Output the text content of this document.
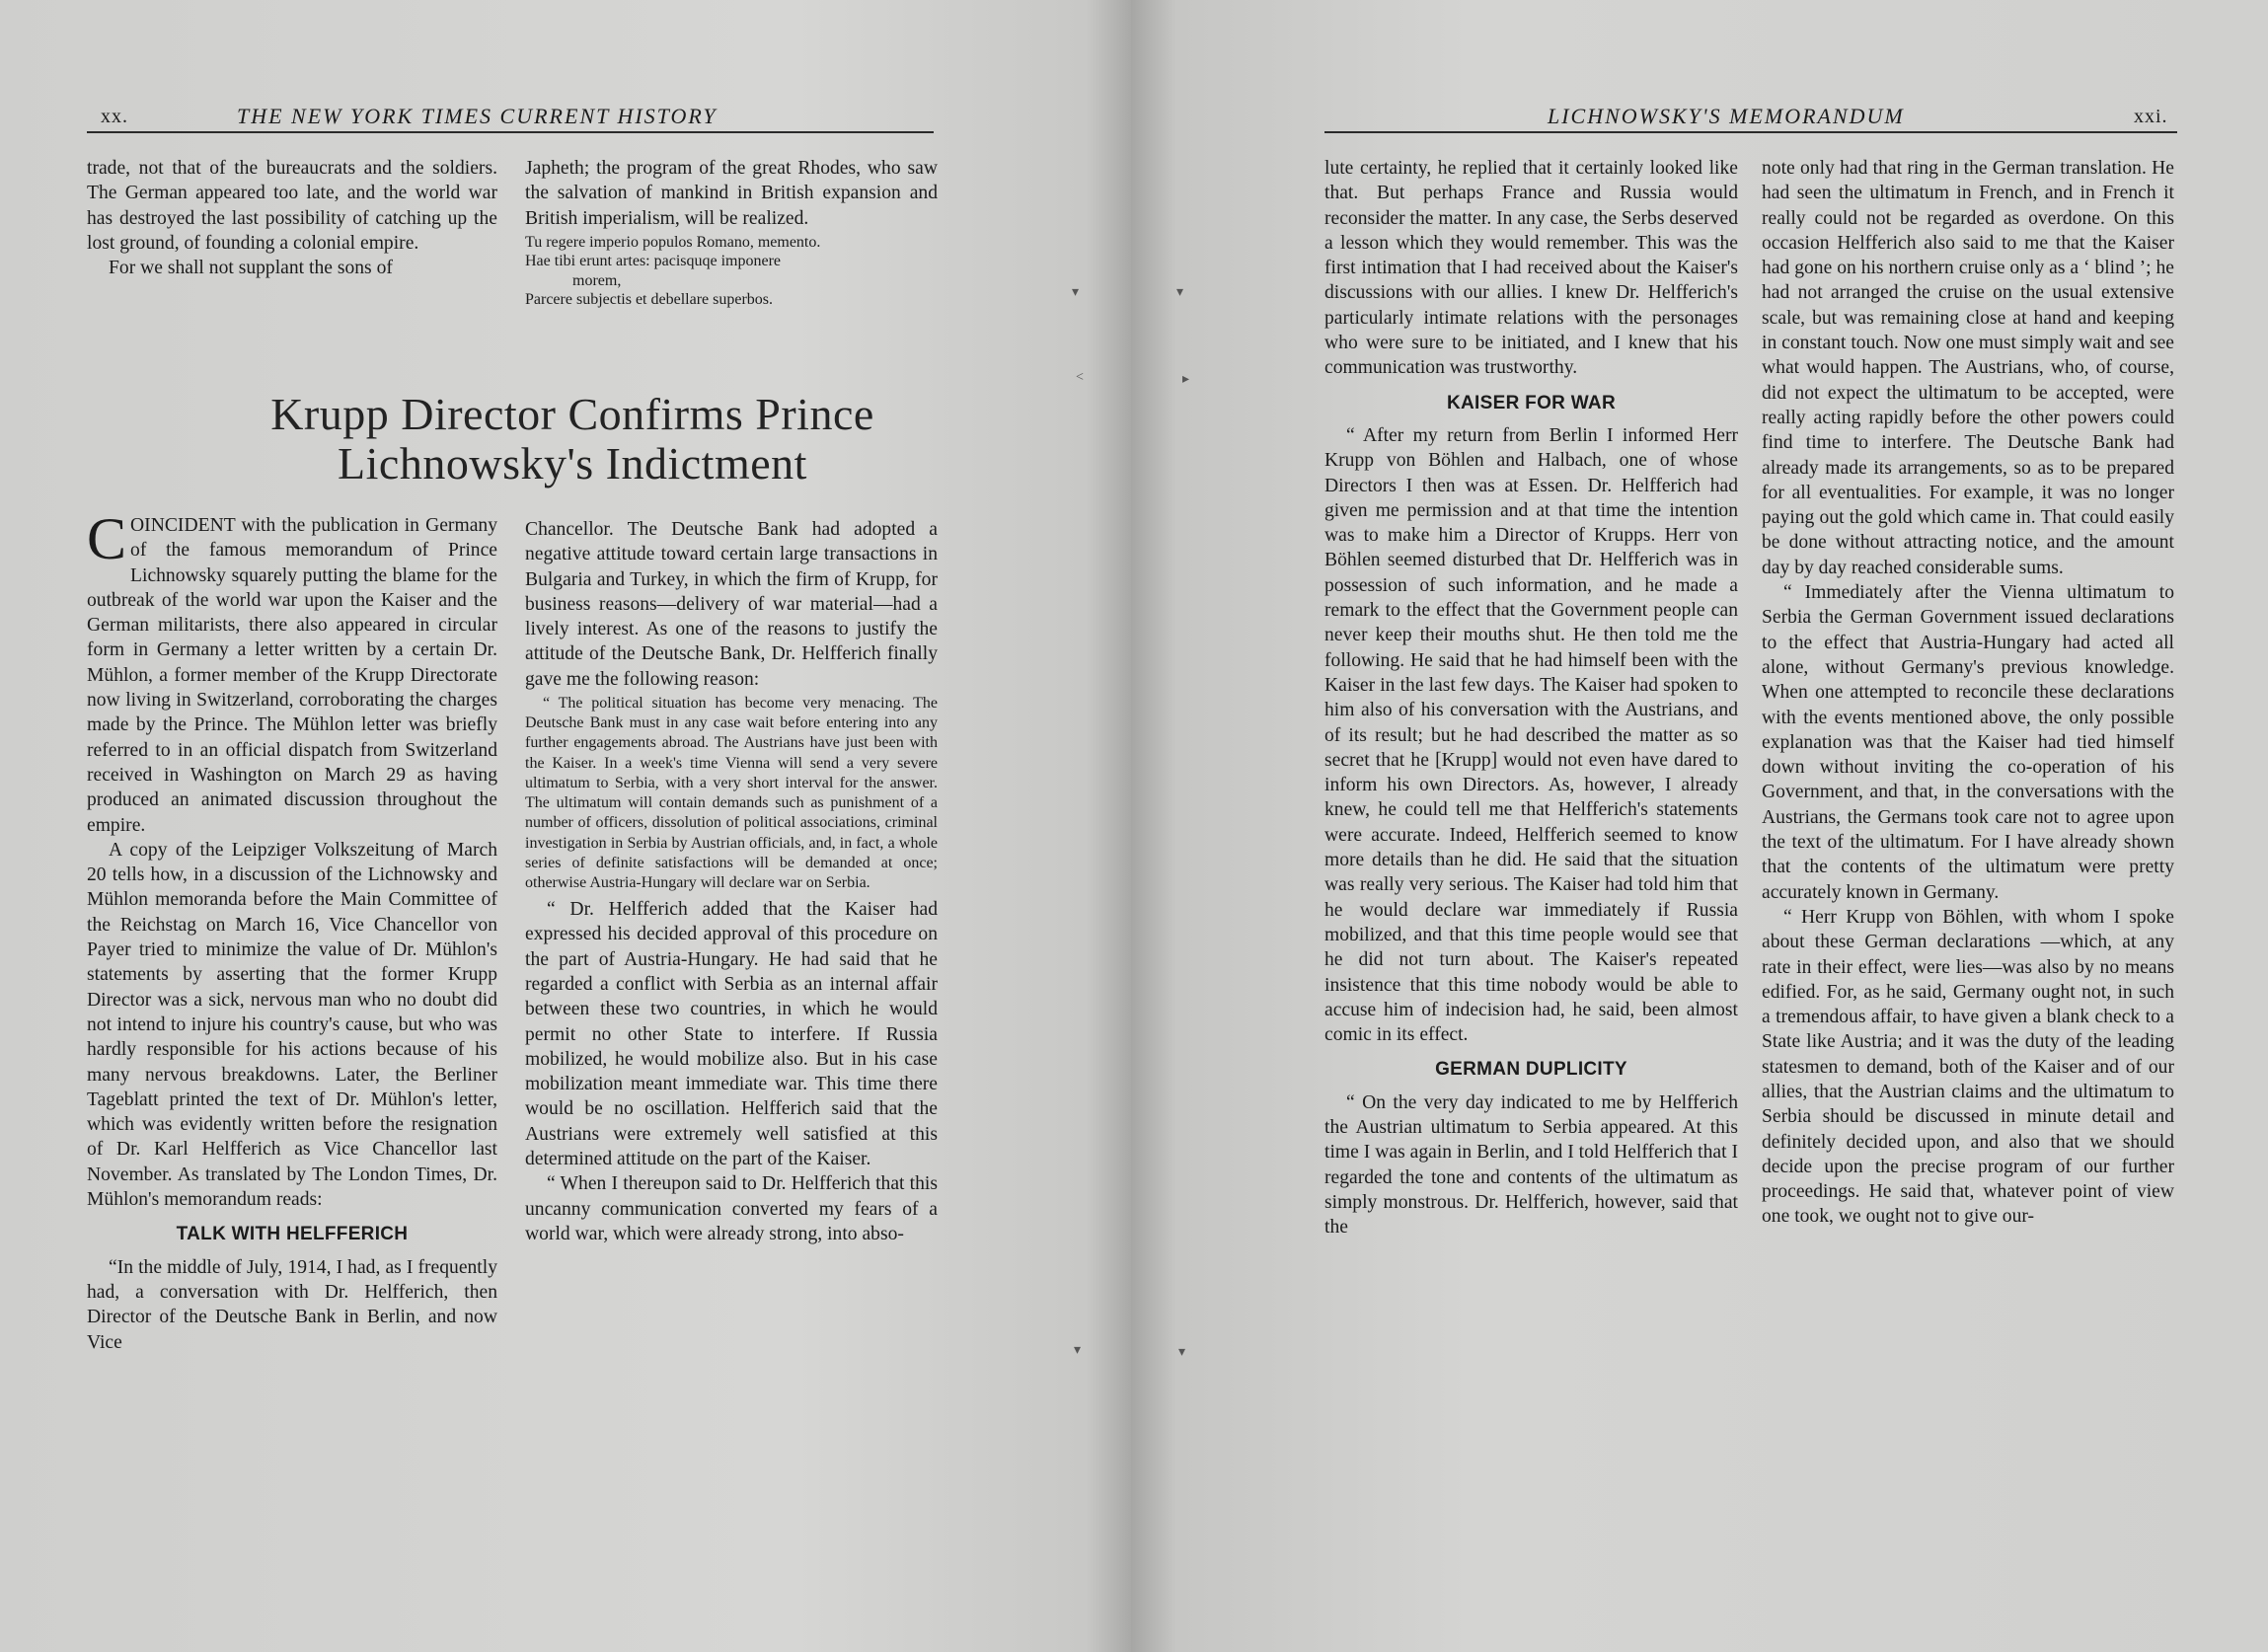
xx.	THE NEW YORK TIMES CURRENT HISTORY

trade, not that of the bureaucrats and the soldiers. The German appeared too late, and the world war has destroyed the last possibility of catching up the lost ground, of founding a colonial empire.

For we shall not supplant the sons of

Japheth; the program of the great Rhodes, who saw the salvation of mankind in British expansion and British imperialism, will be realized.

Tu regere imperio populos Romano, memento.
Hae tibi erunt artes: pacisquqe imponere
morem,
Parcere subjectis et debellare superbos.
Krupp Director Confirms Prince
Lichnowsky's Indictment

COINCIDENT with the publication in Germany of the famous memorandum of Prince Lichnowsky squarely putting the blame for the outbreak of the world war upon the Kaiser and the German militarists, there also appeared in circular form in Germany a letter written by a certain Dr. Mühlon, a former member of the Krupp Directorate now living in Switzerland, corroborating the charges made by the Prince. The Mühlon letter was briefly referred to in an official dispatch from Switzerland received in Washington on March 29 as having produced an animated discussion throughout the empire.

A copy of the Leipziger Volkszeitung of March 20 tells how, in a discussion of the Lichnowsky and Mühlon memoranda before the Main Committee of the Reichstag on March 16, Vice Chancellor von Payer tried to minimize the value of Dr. Mühlon's statements by asserting that the former Krupp Director was a sick, nervous man who no doubt did not intend to injure his country's cause, but who was hardly responsible for his actions because of his many nervous breakdowns. Later, the Berliner Tageblatt printed the text of Dr. Mühlon's letter, which was evidently written before the resignation of Dr. Karl Helfferich as Vice Chancellor last November. As translated by The London Times, Dr. Mühlon's memorandum reads:

TALK WITH HELFFERICH

“In the middle of July, 1914, I had, as I frequently had, a conversation with Dr. Helfferich, then Director of the Deutsche Bank in Berlin, and now Vice

Chancellor. The Deutsche Bank had adopted a negative attitude toward certain large transactions in Bulgaria and Turkey, in which the firm of Krupp, for business reasons—delivery of war material—had a lively interest. As one of the reasons to justify the attitude of the Deutsche Bank, Dr. Helfferich finally gave me the following reason:

“ The political situation has become very menacing. The Deutsche Bank must in any case wait before entering into any further engagements abroad. The Austrians have just been with the Kaiser. In a week's time Vienna will send a very severe ultimatum to Serbia, with a very short interval for the answer. The ultimatum will contain demands such as punishment of a number of officers, dissolution of political associations, criminal investigation in Serbia by Austrian officials, and, in fact, a whole series of definite satisfactions will be demanded at once; otherwise Austria-Hungary will declare war on Serbia.

“ Dr. Helfferich added that the Kaiser had expressed his decided approval of this procedure on the part of Austria-Hungary. He had said that he regarded a conflict with Serbia as an internal affair between these two countries, in which he would permit no other State to interfere. If Russia mobilized, he would mobilize also. But in his case mobilization meant immediate war. This time there would be no oscillation. Helfferich said that the Austrians were extremely well satisfied at this determined attitude on the part of the Kaiser.

“ When I thereupon said to Dr. Helfferich that this uncanny communication converted my fears of a world war, which were already strong, into abso-

▾
˂
▾
LICHNOWSKY'S MEMORANDUM	xxi.

lute certainty, he replied that it certainly looked like that. But perhaps France and Russia would reconsider the matter. In any case, the Serbs deserved a lesson which they would remember. This was the first intimation that I had received about the Kaiser's discussions with our allies. I knew Dr. Helfferich's particularly intimate relations with the personages who were sure to be initiated, and I knew that his communication was trustworthy.

KAISER FOR WAR

“ After my return from Berlin I informed Herr Krupp von Böhlen and Halbach, one of whose Directors I then was at Essen. Dr. Helfferich had given me permission and at that time the intention was to make him a Director of Krupps. Herr von Böhlen seemed disturbed that Dr. Helfferich was in possession of such information, and he made a remark to the effect that the Government people can never keep their mouths shut. He then told me the following. He said that he had himself been with the Kaiser in the last few days. The Kaiser had spoken to him also of his conversation with the Austrians, and of its result; but he had described the matter as so secret that he [Krupp] would not even have dared to inform his own Directors. As, however, I already knew, he could tell me that Helfferich's statements were accurate. Indeed, Helfferich seemed to know more details than he did. He said that the situation was really very serious. The Kaiser had told him that he would declare war immediately if Russia mobilized, and that this time people would see that he did not turn about. The Kaiser's repeated insistence that this time nobody would be able to accuse him of indecision had, he said, been almost comic in its effect.

GERMAN DUPLICITY

“ On the very day indicated to me by Helfferich the Austrian ultimatum to Serbia appeared. At this time I was again in Berlin, and I told Helfferich that I regarded the tone and contents of the ultimatum as simply monstrous. Dr. Helfferich, however, said that the

note only had that ring in the German translation. He had seen the ultimatum in French, and in French it really could not be regarded as overdone. On this occasion Helfferich also said to me that the Kaiser had gone on his northern cruise only as a ‘ blind ’; he had not arranged the cruise on the usual extensive scale, but was remaining close at hand and keeping in constant touch. Now one must simply wait and see what would happen. The Austrians, who, of course, did not expect the ultimatum to be accepted, were really acting rapidly before the other powers could find time to interfere. The Deutsche Bank had already made its arrangements, so as to be prepared for all eventualities. For example, it was no longer paying out the gold which came in. That could easily be done without attracting notice, and the amount day by day reached considerable sums.

“ Immediately after the Vienna ultimatum to Serbia the German Government issued declarations to the effect that Austria-Hungary had acted all alone, without Germany's previous knowledge. When one attempted to reconcile these declarations with the events mentioned above, the only possible explanation was that the Kaiser had tied himself down without inviting the co-operation of his Government, and that, in the conversations with the Austrians, the Germans took care not to agree upon the text of the ultimatum. For I have already shown that the contents of the ultimatum were pretty accurately known in Germany.

“ Herr Krupp von Böhlen, with whom I spoke about these German declarations —which, at any rate in their effect, were lies—was also by no means edified. For, as he said, Germany ought not, in such a tremendous affair, to have given a blank check to a State like Austria; and it was the duty of the leading statesmen to demand, both of the Kaiser and of our allies, that the Austrian claims and the ultimatum to Serbia should be discussed in minute detail and definitely decided upon, and also that we should decide upon the precise program of our further proceedings. He said that, whatever point of view one took, we ought not to give our-

▾
▸
▾
